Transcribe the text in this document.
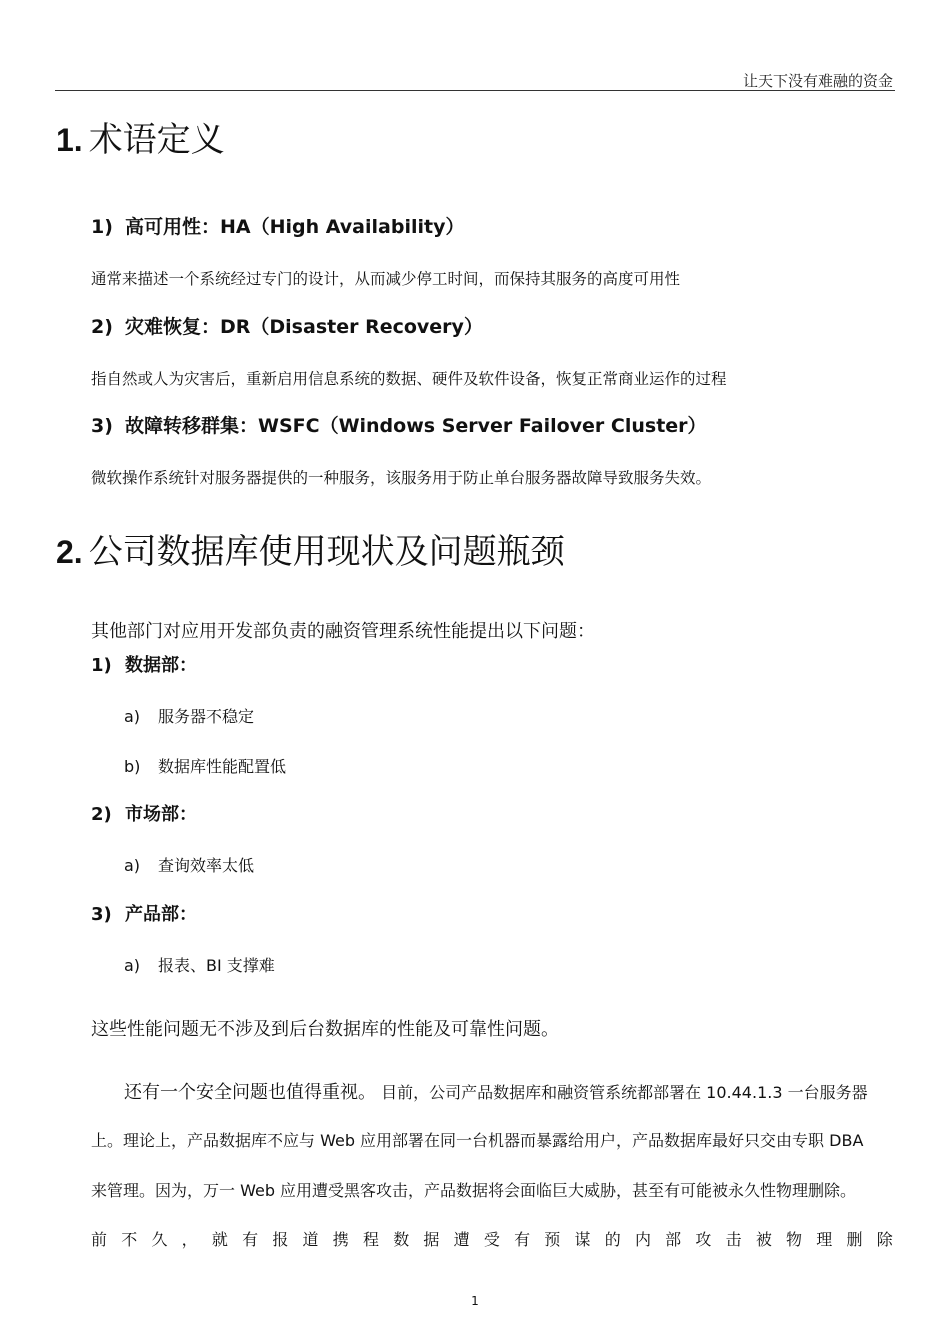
让天下没有难融的资金
1. 术语定义
1) 高可用性：HA（High Availability）
通常来描述一个系统经过专门的设计，从而减少停工时间，而保持其服务的高度可用性
2) 灾难恢复：DR（Disaster Recovery）
指自然或人为灾害后，重新启用信息系统的数据、硬件及软件设备，恢复正常商业运作的过程
3) 故障转移群集：WSFC（Windows Server Failover Cluster）
微软操作系统针对服务器提供的一种服务，该服务用于防止单台服务器故障导致服务失效。
2. 公司数据库使用现状及问题瓶颈
其他部门对应用开发部负责的融资管理系统性能提出以下问题：
1) 数据部：
a) 服务器不稳定
b) 数据库性能配置低
2) 市场部：
a) 查询效率太低
3) 产品部：
a) 报表、BI 支撑难
这些性能问题无不涉及到后台数据库的性能及可靠性问题。
还有一个安全问题也值得重视。 目前，公司产品数据库和融资管系统都部署在 10.44.1.3 一台服务器
上。理论上，产品数据库不应与 Web 应用部署在同一台机器而暴露给用户，产品数据库最好只交由专职 DBA
来管理。因为，万一 Web 应用遭受黑客攻击，产品数据将会面临巨大威胁，甚至有可能被永久性物理删除。
前 不 久 ， 就 有 报 道 携 程 数 据 遭 受 有 预 谋 的 内 部 攻 击 被 物 理 删 除
1
